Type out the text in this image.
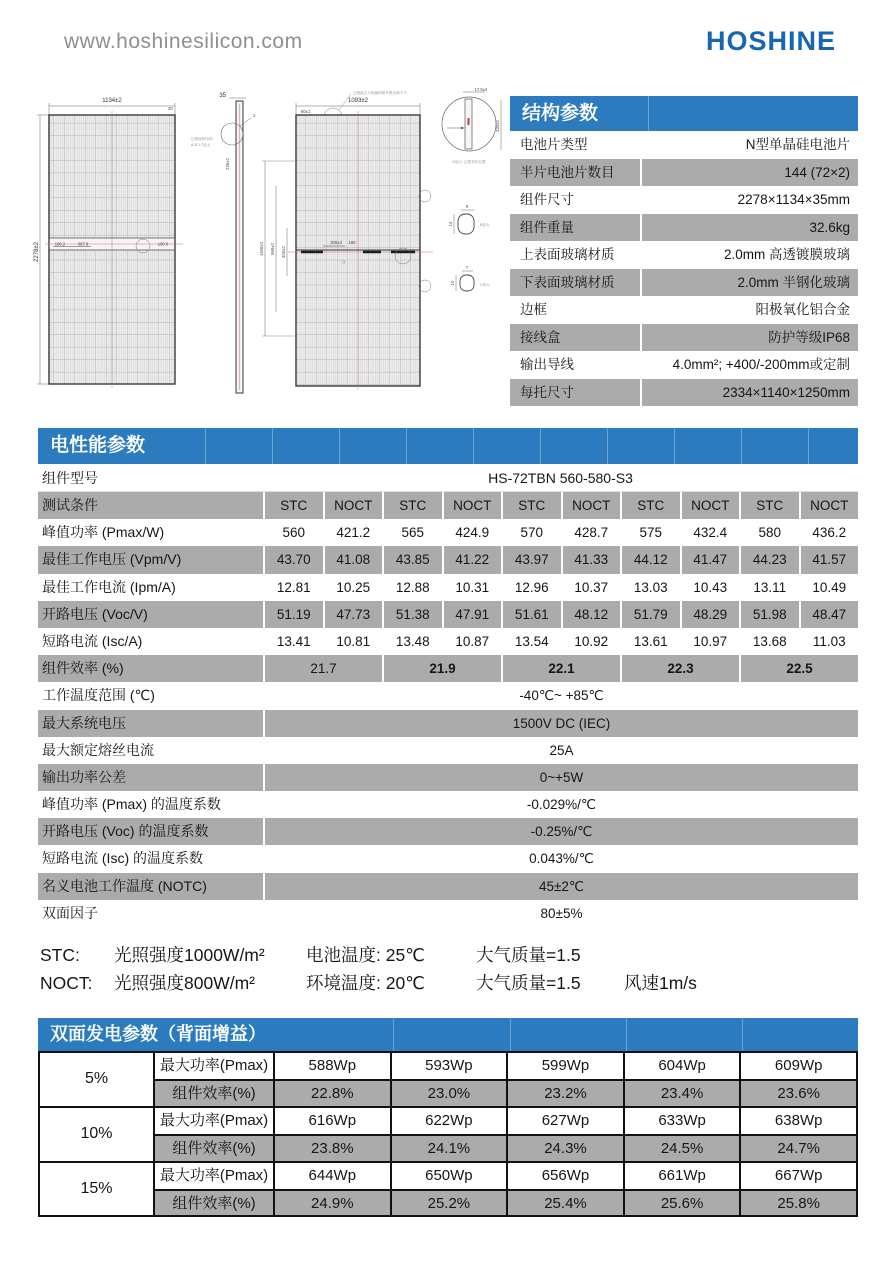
www.hoshinesilicon.com	HOSHINE
1134±2
20
2278±2	196.2	367.8	196.0
边框涂胶结构
A-B 1:7放大
35
1
230±2
边框胶边与玻璃网格外圆边缘不平
1093±2
60±1
1400±2 990±2 400±2
300±3 160
12
17.5±2
230±2
A放大: 边框导线位置
9
14	B放大
7
10	C放大
结构参数
电池片类型	N型单晶硅电池片
半片电池片数目	144 (72×2)
组件尺寸	2278×1134×35mm
组件重量	32.6kg
上表面玻璃材质	2.0mm 高透镀膜玻璃
下表面玻璃材质	2.0mm 半钢化玻璃
边框	阳极氧化铝合金
接线盒	防护等级IP68
输出导线	4.0mm²; +400/-200mm或定制
每托尺寸	2334×1140×1250mm
电性能参数
组件型号	HS-72TBN 560-580-S3
测试条件	STC	NOCT	STC	NOCT	STC	NOCT	STC	NOCT	STC	NOCT
峰值功率 (Pmax/W)	560	421.2	565	424.9	570	428.7	575	432.4	580	436.2
最佳工作电压 (Vpm/V)	43.70	41.08	43.85	41.22	43.97	41.33	44.12	41.47	44.23	41.57
最佳工作电流 (Ipm/A)	12.81	10.25	12.88	10.31	12.96	10.37	13.03	10.43	13.11	10.49
开路电压 (Voc/V)	51.19	47.73	51.38	47.91	51.61	48.12	51.79	48.29	51.98	48.47
短路电流 (Isc/A)	13.41	10.81	13.48	10.87	13.54	10.92	13.61	10.97	13.68	11.03
组件效率 (%)	21.7	21.9	22.1	22.3	22.5
工作温度范围 (℃)	-40℃~ +85℃
最大系统电压	1500V DC (IEC)
最大额定熔丝电流	25A
输出功率公差	0~+5W
峰值功率 (Pmax) 的温度系数	-0.029%/℃
开路电压 (Voc) 的温度系数	-0.25%/℃
短路电流 (Isc) 的温度系数	0.043%/℃
名义电池工作温度 (NOTC)	45±2℃
双面因子	80±5%
STC:	光照强度1000W/m²	电池温度: 25℃	大气质量=1.5
NOCT:	光照强度800W/m²	环境温度: 20℃	大气质量=1.5	风速1m/s
双面发电参数（背面增益）
5%
最大功率(Pmax)	588Wp	593Wp	599Wp	604Wp	609Wp
组件效率(%)	22.8%	23.0%	23.2%	23.4%	23.6%
10%
最大功率(Pmax)	616Wp	622Wp	627Wp	633Wp	638Wp
组件效率(%)	23.8%	24.1%	24.3%	24.5%	24.7%
15%
最大功率(Pmax)	644Wp	650Wp	656Wp	661Wp	667Wp
组件效率(%)	24.9%	25.2%	25.4%	25.6%	25.8%
